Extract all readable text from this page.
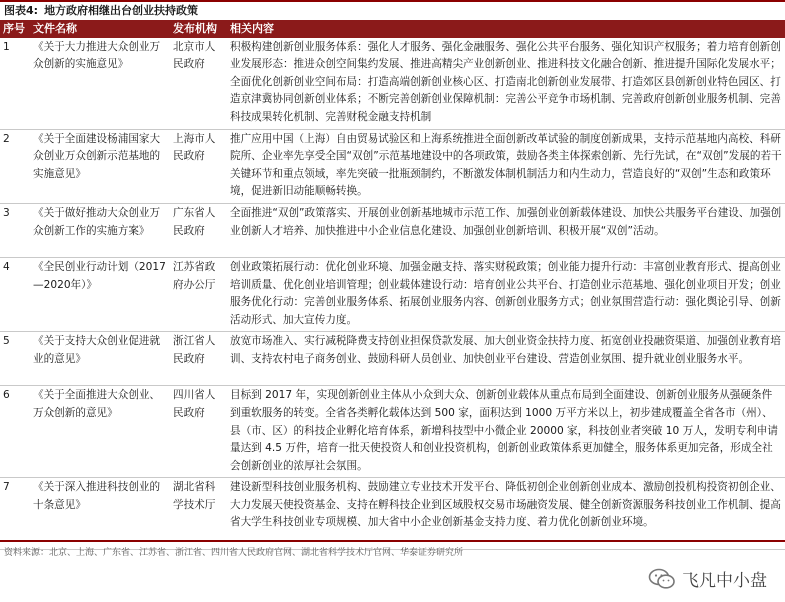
图表4: 地方政府相继出台创业扶持政策
序号	文件名称	发布机构	相关内容
1	《关于大力推进大众创业万众创新的实施意见》	北京市人民政府	积极构建创新创业服务体系：强化人才服务、强化金融服务、强化公共平台服务、强化知识产权服务；着力培育创新创业发展形态：推进众创空间集约发展、推进高精尖产业创新创业、推进科技文化融合创新、推进提升国际化发展水平；全面优化创新创业空间布局：打造高端创新创业核心区、打造南北创新创业发展带、打造郊区县创新创业特色园区、打造京津冀协同创新创业体系；不断完善创新创业保障机制：完善公平竞争市场机制、完善政府创新创业服务机制、完善科技成果转化机制、完善财税金融支持机制
2	《关于全面建设杨浦国家大众创业万众创新示范基地的实施意见》	上海市人民政府	推广应用中国（上海）自由贸易试验区和上海系统推进全面创新改革试验的制度创新成果，支持示范基地内高校、科研院所、企业率先享受全国“双创”示范基地建设中的各项政策，鼓励各类主体探索创新、先行先试，在“双创”发展的若干关键环节和重点领域，率先突破一批瓶颈制约，不断激发体制机制活力和内生动力，营造良好的“双创”生态和政策环境，促进新旧动能顺畅转换。
3	《关于做好推动大众创业万众创新工作的实施方案》	广东省人民政府	全面推进“双创”政策落实、开展创业创新基地城市示范工作、加强创业创新载体建设、加快公共服务平台建设、加强创业创新人才培养、加快推进中小企业信息化建设、加强创业创新培训、积极开展“双创”活动。
4	《全民创业行动计划（2017—2020年）》	江苏省政府办公厅	创业政策拓展行动：优化创业环境、加强金融支持、落实财税政策；创业能力提升行动：丰富创业教育形式、提高创业培训质量、优化创业培训管理；创业载体建设行动：培育创业公共平台、打造创业示范基地、强化创业项目开发；创业服务优化行动：完善创业服务体系、拓展创业服务内容、创新创业服务方式；创业氛围营造行动：强化舆论引导、创新活动形式、加大宣传力度。
5	《关于支持大众创业促进就业的意见》	浙江省人民政府	放宽市场准入、实行减税降费支持创业担保贷款发展、加大创业资金扶持力度、拓宽创业投融资渠道、加强创业教育培训、支持农村电子商务创业、鼓励科研人员创业、加快创业平台建设、营造创业氛围、提升就业创业服务水平。
6	《关于全面推进大众创业、万众创新的意见》	四川省人民政府	目标到 2017 年，实现创新创业主体从小众到大众、创新创业载体从重点布局到全面建设、创新创业服务从强硬条件到重软服务的转变。全省各类孵化载体达到 500 家，面积达到 1000 万平方米以上，初步建成覆盖全省各市（州）、县（市、区）的科技企业孵化培育体系，新增科技型中小微企业 20000 家，科技创业者突破 10 万人，发明专利申请量达到 4.5 万件，培育一批天使投资人和创业投资机构，创新创业政策体系更加健全，服务体系更加完备，形成全社会创新创业的浓厚社会氛围。
7	《关于深入推进科技创业的十条意见》	湖北省科学技术厅	建设新型科技创业服务机构、鼓励建立专业技术开发平台、降低初创企业创新创业成本、激励创投机构投资初创企业、大力发展天使投资基金、支持在孵科技企业到区域股权交易市场融资发展、健全创新资源服务科技创业工作机制、提高省大学生科技创业专项规模、加大省中小企业创新基金支持力度、着力优化创新创业环境。
资料来源：北京、上海、广东省、江苏省、浙江省、四川省人民政府官网、湖北省科学技术厅官网、华泰证券研究所
飞凡中小盘
